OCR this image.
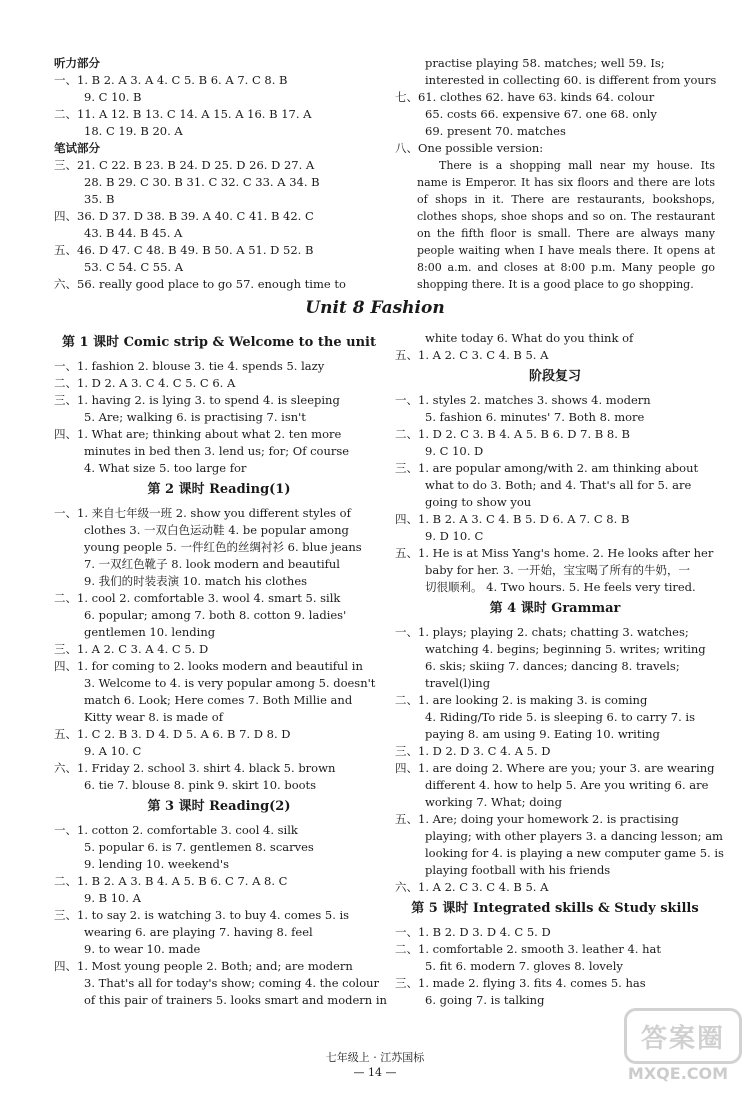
听力部分
一、1. B 2. A 3. A 4. C 5. B 6. A 7. C 8. B
9. C 10. B
二、11. A 12. B 13. C 14. A 15. A 16. B 17. A
18. C 19. B 20. A
笔试部分
三、21. C 22. B 23. B 24. D 25. D 26. D 27. A
28. B 29. C 30. B 31. C 32. C 33. A 34. B
35. B
四、36. D 37. D 38. B 39. A 40. C 41. B 42. C
43. B 44. B 45. A
五、46. D 47. C 48. B 49. B 50. A 51. D 52. B
53. C 54. C 55. A
六、56. really good place to go 57. enough time to
practise playing 58. matches; well 59. Is;
interested in collecting 60. is different from yours
七、61. clothes 62. have 63. kinds 64. colour
65. costs 66. expensive 67. one 68. only
69. present 70. matches
八、One possible version:

There is a shopping mall near my house. Its name is Emperor. It has six floors and there are lots of shops in it. There are restaurants, bookshops, clothes shops, shoe shops and so on. The restaurant on the fifth floor is small. There are always many people waiting when I have meals there. It opens at 8:00 a.m. and closes at 8:00 p.m. Many people go shopping there. It is a good place to go shopping.

Unit 8 Fashion
第 1 课时 Comic strip & Welcome to the unit
一、1. fashion 2. blouse 3. tie 4. spends 5. lazy
二、1. D 2. A 3. C 4. C 5. C 6. A
三、1. having 2. is lying 3. to spend 4. is sleeping
5. Are; walking 6. is practising 7. isn't
四、1. What are; thinking about what 2. ten more
minutes in bed then 3. lend us; for; Of course
4. What size 5. too large for
第 2 课时 Reading(1)
一、1. 来自七年级一班 2. show you different styles of
clothes 3. 一双白色运动鞋 4. be popular among
young people 5. 一件红色的丝绸衬衫 6. blue jeans
7. 一双红色靴子 8. look modern and beautiful
9. 我们的时装表演 10. match his clothes
二、1. cool 2. comfortable 3. wool 4. smart 5. silk
6. popular; among 7. both 8. cotton 9. ladies'
gentlemen 10. lending
三、1. A 2. C 3. A 4. C 5. D
四、1. for coming to 2. looks modern and beautiful in
3. Welcome to 4. is very popular among 5. doesn't
match 6. Look; Here comes 7. Both Millie and
Kitty wear 8. is made of
五、1. C 2. B 3. D 4. D 5. A 6. B 7. D 8. D
9. A 10. C
六、1. Friday 2. school 3. shirt 4. black 5. brown
6. tie 7. blouse 8. pink 9. skirt 10. boots
第 3 课时 Reading(2)
一、1. cotton 2. comfortable 3. cool 4. silk
5. popular 6. is 7. gentlemen 8. scarves
9. lending 10. weekend's
二、1. B 2. A 3. B 4. A 5. B 6. C 7. A 8. C
9. B 10. A
三、1. to say 2. is watching 3. to buy 4. comes 5. is
wearing 6. are playing 7. having 8. feel
9. to wear 10. made
四、1. Most young people 2. Both; and; are modern
3. That's all for today's show; coming 4. the colour
of this pair of trainers 5. looks smart and modern in
white today 6. What do you think of
五、1. A 2. C 3. C 4. B 5. A
阶段复习
一、1. styles 2. matches 3. shows 4. modern
5. fashion 6. minutes' 7. Both 8. more
二、1. D 2. C 3. B 4. A 5. B 6. D 7. B 8. B
9. C 10. D
三、1. are popular among/with 2. am thinking about
what to do 3. Both; and 4. That's all for 5. are
going to show you
四、1. B 2. A 3. C 4. B 5. D 6. A 7. C 8. B
9. D 10. C
五、1. He is at Miss Yang's home. 2. He looks after her
baby for her. 3. 一开始，宝宝喝了所有的牛奶，一
切很顺利。 4. Two hours. 5. He feels very tired.
第 4 课时 Grammar
一、1. plays; playing 2. chats; chatting 3. watches;
watching 4. begins; beginning 5. writes; writing
6. skis; skiing 7. dances; dancing 8. travels;
travel(l)ing
二、1. are looking 2. is making 3. is coming
4. Riding/To ride 5. is sleeping 6. to carry 7. is
paying 8. am using 9. Eating 10. writing
三、1. D 2. D 3. C 4. A 5. D
四、1. are doing 2. Where are you; your 3. are wearing
different 4. how to help 5. Are you writing 6. are
working 7. What; doing
五、1. Are; doing your homework 2. is practising
playing; with other players 3. a dancing lesson; am
looking for 4. is playing a new computer game 5. is
playing football with his friends
六、1. A 2. C 3. C 4. B 5. A
第 5 课时 Integrated skills & Study skills
一、1. B 2. D 3. D 4. C 5. D
二、1. comfortable 2. smooth 3. leather 4. hat
5. fit 6. modern 7. gloves 8. lovely
三、1. made 2. flying 3. fits 4. comes 5. has
6. going 7. is talking
七年级上 · 江苏国标
— 14 —
答案圈
MXQE.COM
